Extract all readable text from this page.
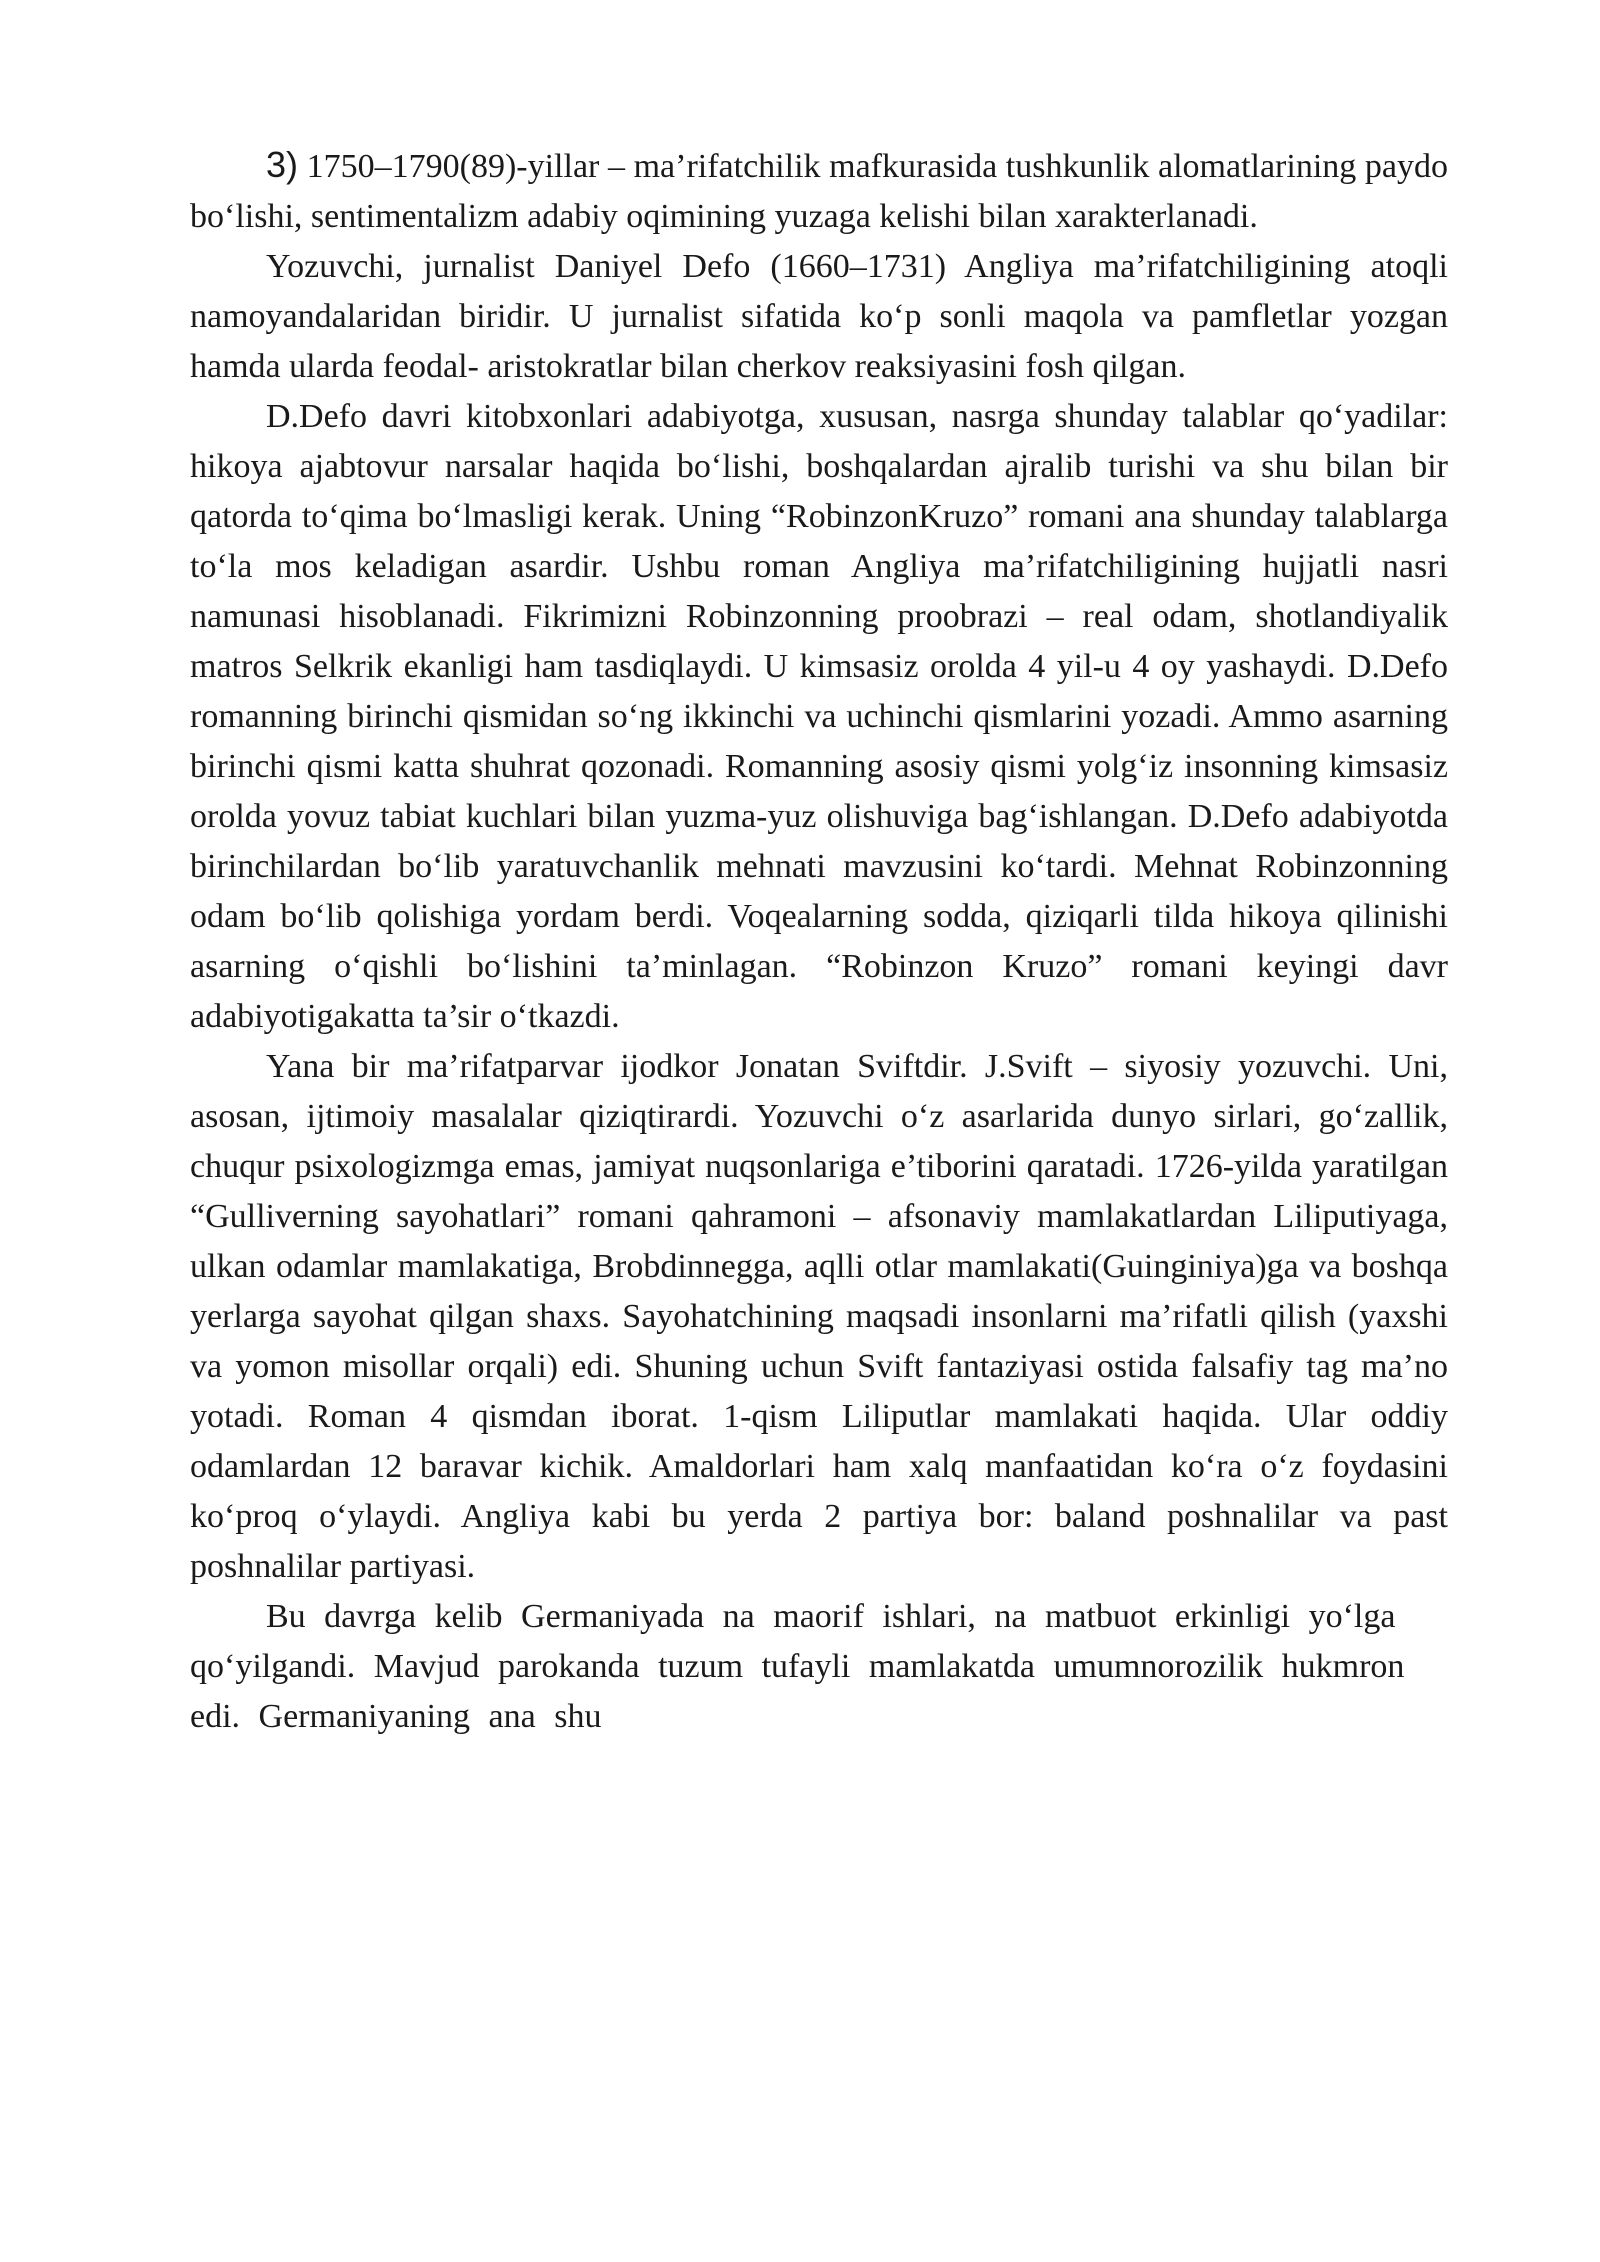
3) 1750–1790(89)-yillar – ma’rifatchilik mafkurasida tushkunlik alomatlarining paydo bo‘lishi, sentimentalizm adabiy oqimining yuzaga kelishi bilan xarakterlanadi.

Yozuvchi, jurnalist Daniyel Defo (1660–1731) Angliya ma’rifatchiligining atoqli namoyandalaridan biridir. U jurnalist sifatida ko‘p sonli maqola va pamfletlar yozgan hamda ularda feodal- aristokratlar bilan cherkov reaksiyasini fosh qilgan.

D.Defo davri kitobxonlari adabiyotga, xususan, nasrga shunday talablar qo‘yadilar: hikoya ajabtovur narsalar haqida bo‘lishi, boshqalardan ajralib turishi va shu bilan bir qatorda to‘qima bo‘lmasligi kerak. Uning “RobinzonKruzo” romani ana shunday talablarga to‘la mos keladigan asardir. Ushbu roman Angliya ma’rifatchiligining hujjatli nasri namunasi hisoblanadi. Fikrimizni Robinzonning proobrazi – real odam, shotlandiyalik matros Selkrik ekanligi ham tasdiqlaydi. U kimsasiz orolda 4 yil-u 4 oy yashaydi. D.Defo romanning birinchi qismidan so‘ng ikkinchi va uchinchi qismlarini yozadi. Ammo asarning birinchi qismi katta shuhrat qozonadi. Romanning asosiy qismi yolg‘iz insonning kimsasiz orolda yovuz tabiat kuchlari bilan yuzma-yuz olishuviga bag‘ishlangan. D.Defo adabiyotda birinchilardan bo‘lib yaratuvchanlik mehnati mavzusini ko‘tardi. Mehnat Robinzonning odam bo‘lib qolishiga yordam berdi. Voqealarning sodda, qiziqarli tilda hikoya qilinishi asarning o‘qishli bo‘lishini ta’minlagan. “Robinzon Kruzo” romani keyingi davr adabiyotigakatta ta’sir o‘tkazdi.

Yana bir ma’rifatparvar ijodkor Jonatan Sviftdir. J.Svift – siyosiy yozuvchi. Uni, asosan, ijtimoiy masalalar qiziqtirardi. Yozuvchi o‘z asarlarida dunyo sirlari, go‘zallik, chuqur psixologizmga emas, jamiyat nuqsonlariga e’tiborini qaratadi. 1726-yilda yaratilgan “Gulliverning sayohatlari” romani qahramoni – afsonaviy mamlakatlardan Liliputiyaga, ulkan odamlar mamlakatiga, Brobdinnegga, aqlli otlar mamlakati(Guinginiya)ga va boshqa yerlarga sayohat qilgan shaxs. Sayohatchining maqsadi insonlarni ma’rifatli qilish (yaxshi va yomon misollar orqali) edi. Shuning uchun Svift fantaziyasi ostida falsafiy tag ma’no yotadi. Roman 4 qismdan iborat. 1-qism Liliputlar mamlakati haqida. Ular oddiy odamlardan 12 baravar kichik. Amaldorlari ham xalq manfaatidan ko‘ra o‘z foydasini ko‘proq o‘ylaydi. Angliya kabi bu yerda 2 partiya bor: baland poshnalilar va past poshnalilar partiyasi.

Bu davrga kelib Germaniyada na maorif ishlari, na matbuot erkinligi yo‘lga qo‘yilgandi. Mavjud parokanda tuzum tufayli mamlakatda umumnorozilik hukmron edi. Germaniyaning ana shu
